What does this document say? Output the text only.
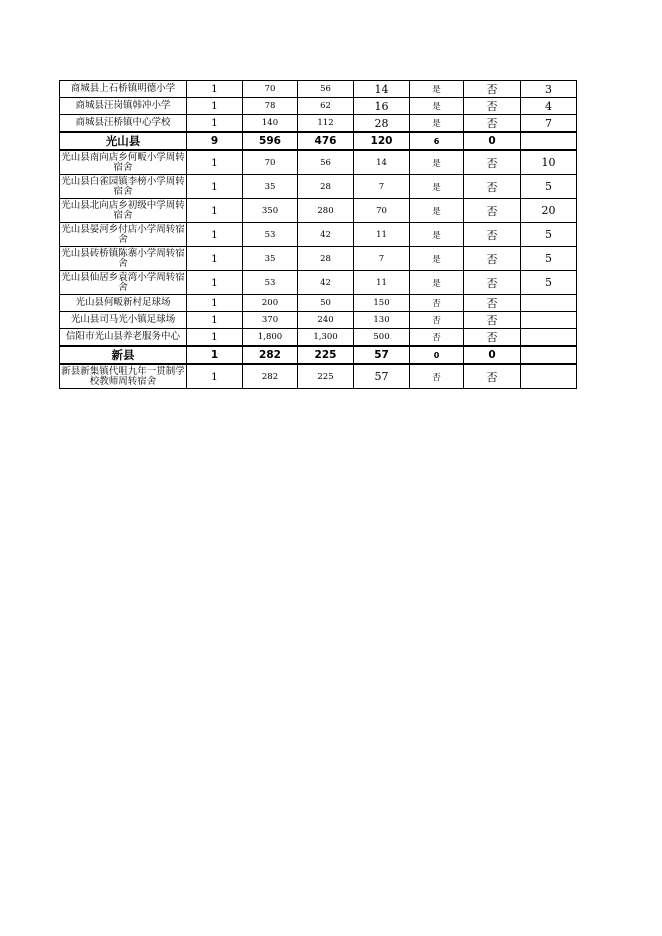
商城县上石桥镇明德小学	1	70	56	14	是	否	3
商城县汪岗镇韩冲小学	1	78	62	16	是	否	4
商城县汪桥镇中心学校	1	140	112	28	是	否	7
光山县	9	596	476	120	6	0	
光山县南向店乡何畈小学周转宿舍	1	70	56	14	是	否	10
光山县白雀园镇李榜小学周转宿舍	1	35	28	7	是	否	5
光山县北向店乡初级中学周转宿舍	1	350	280	70	是	否	20
光山县晏河乡付店小学周转宿舍	1	53	42	11	是	否	5
光山县砖桥镇陈寨小学周转宿舍	1	35	28	7	是	否	5
光山县仙居乡袁湾小学周转宿舍	1	53	42	11	是	否	5
光山县何畈新村足球场	1	200	50	150	否	否	
光山县司马光小镇足球场	1	370	240	130	否	否	
信阳市光山县养老服务中心	1	1,800	1,300	500	否	否	
新县	1	282	225	57	0	0	
新县新集镇代咀九年一贯制学校教师周转宿舍	1	282	225	57	否	否	
